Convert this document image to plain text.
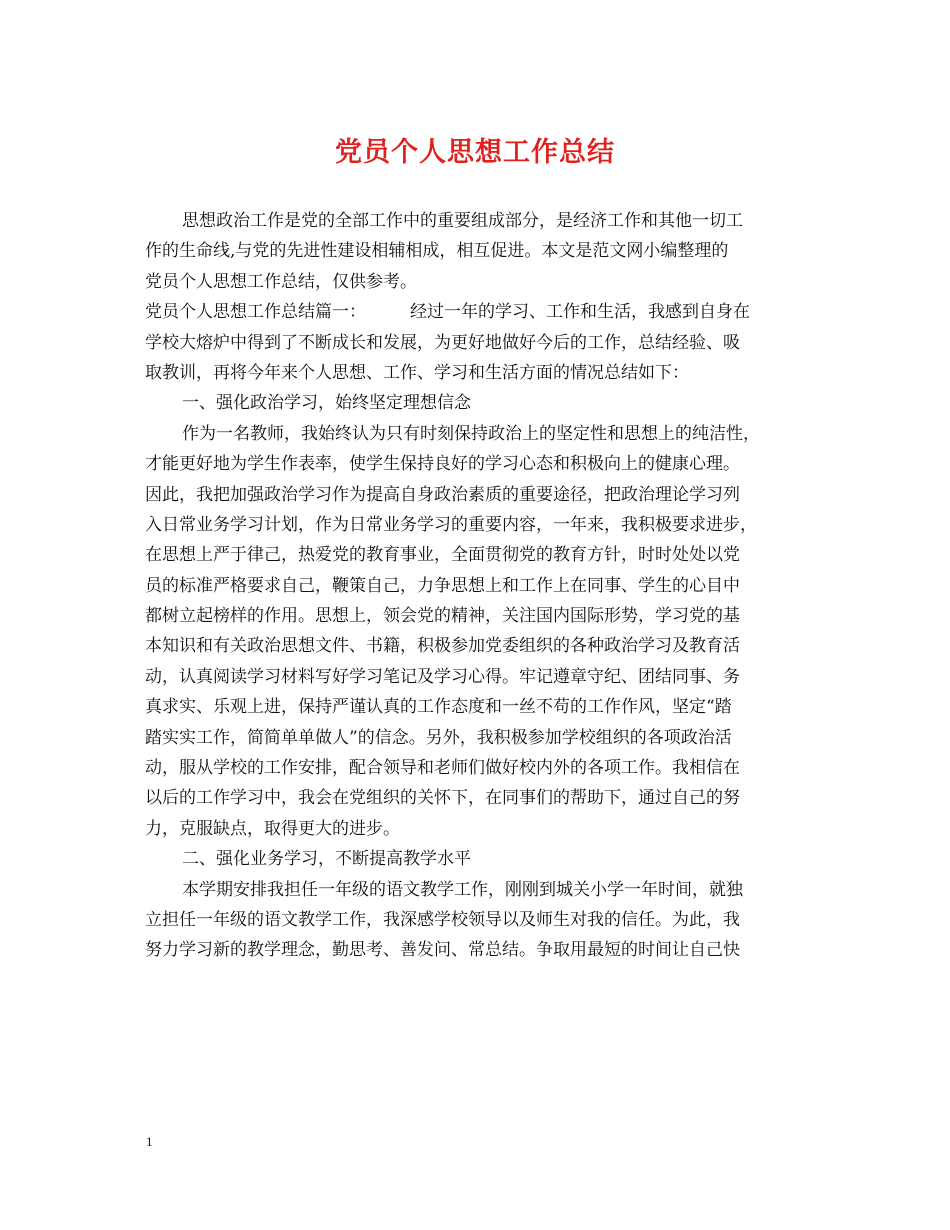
党员个人思想工作总结
思想政治工作是党的全部工作中的重要组成部分，是经济工作和其他一切工
作的生命线,与党的先进性建设相辅相成，相互促进。本文是范文网小编整理的
党员个人思想工作总结，仅供参考。
党员个人思想工作总结篇一：	经过一年的学习、工作和生活，我感到自身在
学校大熔炉中得到了不断成长和发展，为更好地做好今后的工作，总结经验、吸
取教训，再将今年来个人思想、工作、学习和生活方面的情况总结如下：
一、强化政治学习，始终坚定理想信念
作为一名教师，我始终认为只有时刻保持政治上的坚定性和思想上的纯洁性，
才能更好地为学生作表率，使学生保持良好的学习心态和积极向上的健康心理。
因此，我把加强政治学习作为提高自身政治素质的重要途径，把政治理论学习列
入日常业务学习计划，作为日常业务学习的重要内容，一年来，我积极要求进步，
在思想上严于律己，热爱党的教育事业，全面贯彻党的教育方针，时时处处以党
员的标准严格要求自己，鞭策自己，力争思想上和工作上在同事、学生的心目中
都树立起榜样的作用。思想上，领会党的精神，关注国内国际形势，学习党的基
本知识和有关政治思想文件、书籍，积极参加党委组织的各种政治学习及教育活
动，认真阅读学习材料写好学习笔记及学习心得。牢记遵章守纪、团结同事、务
真求实、乐观上进，保持严谨认真的工作态度和一丝不苟的工作作风，坚定“踏
踏实实工作，简简单单做人”的信念。另外，我积极参加学校组织的各项政治活
动，服从学校的工作安排，配合领导和老师们做好校内外的各项工作。我相信在
以后的工作学习中，我会在党组织的关怀下，在同事们的帮助下，通过自己的努
力，克服缺点，取得更大的进步。
二、强化业务学习，不断提高教学水平
本学期安排我担任一年级的语文教学工作，刚刚到城关小学一年时间，就独
立担任一年级的语文教学工作，我深感学校领导以及师生对我的信任。为此，我
努力学习新的教学理念，勤思考、善发问、常总结。争取用最短的时间让自己快
1
